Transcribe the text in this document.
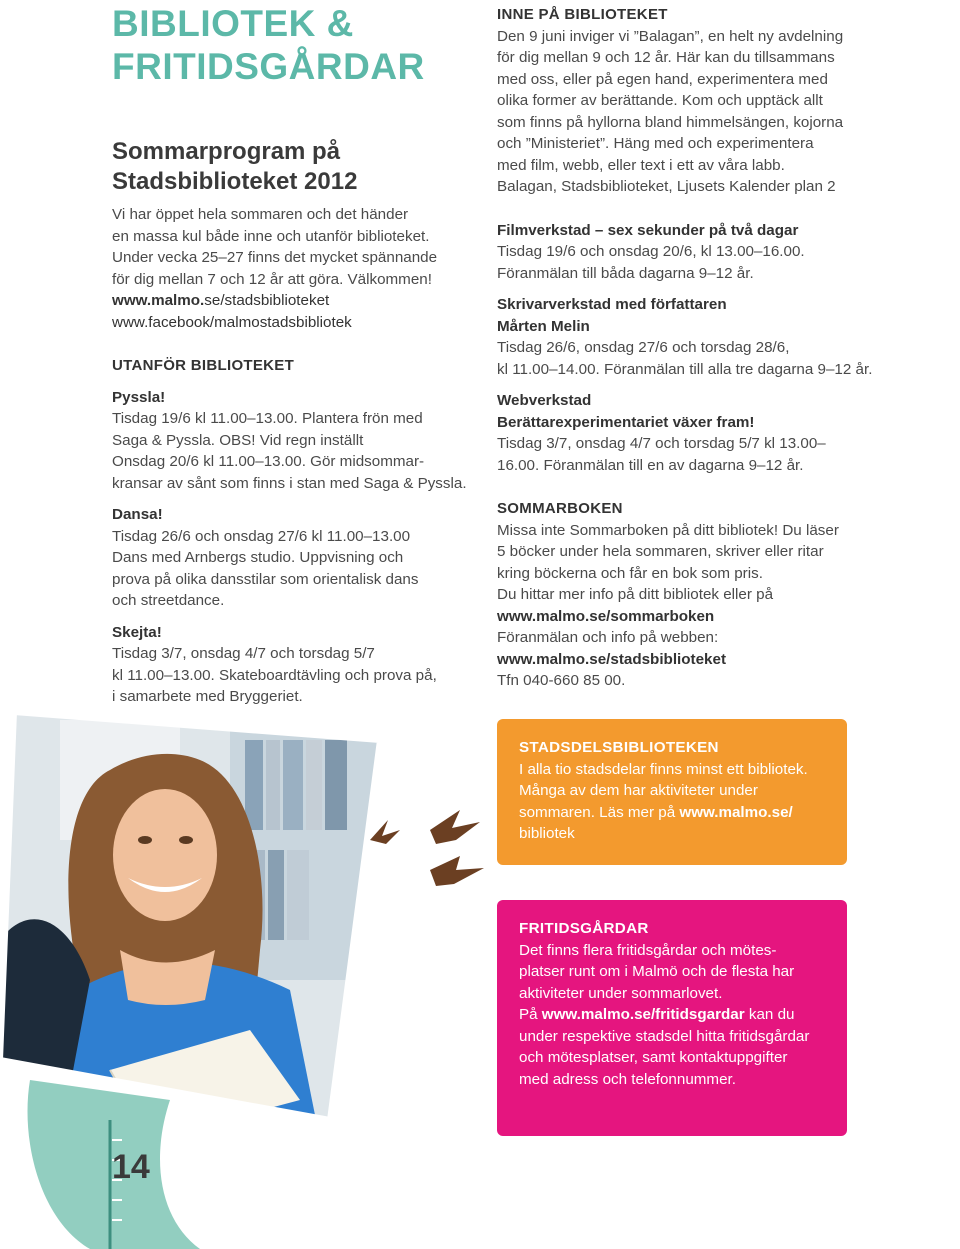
BIBLIOTEK &
FRITIDSGÅRDAR
Sommarprogram på
Stadsbiblioteket 2012

Vi har öppet hela sommaren och det händer

en massa kul både inne och utanför biblioteket.

Under vecka 25–27 finns det mycket spännande

för dig mellan 7 och 12 år att göra. Välkommen!

www.malmo.se/stadsbiblioteket

www.facebook/malmostadsbibliotek

UTANFÖR BIBLIOTEKET
Pyssla!

Tisdag 19/6 kl 11.00–13.00. Plantera frön med

Saga & Pyssla. OBS! Vid regn inställt

Onsdag 20/6 kl 11.00–13.00. Gör midsommar-

kransar av sånt som finns i stan med Saga & Pyssla.

Dansa!

Tisdag 26/6 och onsdag 27/6 kl 11.00–13.00

Dans med Arnbergs studio. Uppvisning och

prova på olika dansstilar som orientalisk dans

och streetdance.

Skejta!

Tisdag 3/7, onsdag 4/7 och torsdag 5/7

kl 11.00–13.00. Skateboardtävling och prova på,

i samarbete med Bryggeriet.

INNE PÅ BIBLIOTEKET

Den 9 juni inviger vi ”Balagan”, en helt ny avdelning

för dig mellan 9 och 12 år. Här kan du tillsammans

med oss, eller på egen hand, experimentera med

olika former av berättande. Kom och upptäck allt

som finns på hyllorna bland himmelsängen, kojorna

och ”Ministeriet”. Häng med och experimentera

med film, webb, eller text i ett av våra labb.

Balagan, Stadsbiblioteket, Ljusets Kalender plan 2

Filmverkstad – sex sekunder på två dagar

Tisdag 19/6 och onsdag 20/6, kl 13.00–16.00.

Föranmälan till båda dagarna 9–12 år.

Skrivarverkstad med författaren
Mårten Melin

Tisdag 26/6, onsdag 27/6 och torsdag 28/6,

kl 11.00–14.00. Föranmälan till alla tre dagarna 9–12 år.

Webverkstad
Berättarexperimentariet växer fram!

Tisdag 3/7, onsdag 4/7 och torsdag 5/7 kl 13.00–

16.00. Föranmälan till en av dagarna 9–12 år.

SOMMARBOKEN

Missa inte Sommarboken på ditt bibliotek! Du läser

5 böcker under hela sommaren, skriver eller ritar

kring böckerna och får en bok som pris.

Du hittar mer info på ditt bibliotek eller på

www.malmo.se/sommarboken

Föranmälan och info på webben:

www.malmo.se/stadsbiblioteket

Tfn 040-660 85 00.

STADSDELSBIBLIOTEKEN

I alla tio stadsdelar finns minst ett bibliotek.

Många av dem har aktiviteter under

sommaren. Läs mer på www.malmo.se/

bibliotek

FRITIDSGÅRDAR

Det finns flera fritidsgårdar och mötes-

platser runt om i Malmö och de flesta har

aktiviteter under sommarlovet.

På www.malmo.se/fritidsgardar kan du

under respektive stadsdel hitta fritidsgårdar

och mötesplatser, samt kontaktuppgifter

med adress och telefonnummer.

14
